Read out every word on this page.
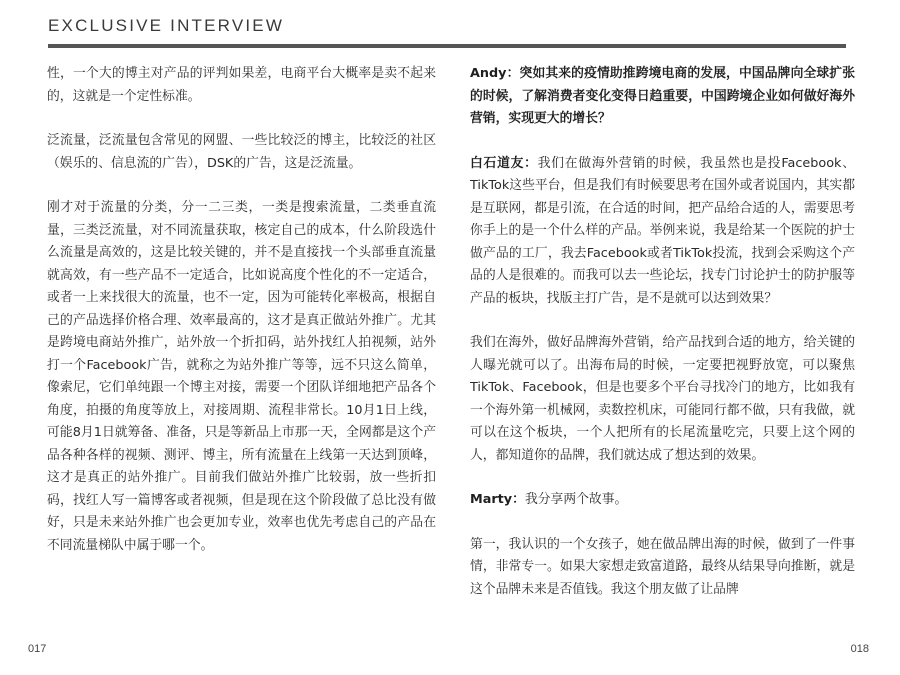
EXCLUSIVE INTERVIEW

性，一个大的博主对产品的评判如果差，电商平台大概率是卖不起来的，这就是一个定性标准。

泛流量，泛流量包含常见的网盟、一些比较泛的博主，比较泛的社区（娱乐的、信息流的广告），DSK的广告，这是泛流量。

刚才对于流量的分类，分一二三类，一类是搜索流量，二类垂直流量，三类泛流量，对不同流量获取，核定自己的成本，什么阶段选什么流量是高效的，这是比较关键的，并不是直接找一个头部垂直流量就高效，有一些产品不一定适合，比如说高度个性化的不一定适合，或者一上来找很大的流量，也不一定，因为可能转化率极高，根据自己的产品选择价格合理、效率最高的，这才是真正做站外推广。尤其是跨境电商站外推广，站外放一个折扣码，站外找红人拍视频，站外打一个Facebook广告，就称之为站外推广等等，远不只这么简单，像索尼，它们单纯跟一个博主对接，需要一个团队详细地把产品各个角度，拍摄的角度等放上，对接周期、流程非常长。10月1日上线，可能8月1日就筹备、准备，只是等新品上市那一天，全网都是这个产品各种各样的视频、测评、博主，所有流量在上线第一天达到顶峰，这才是真正的站外推广。目前我们做站外推广比较弱，放一些折扣码，找红人写一篇博客或者视频，但是现在这个阶段做了总比没有做好，只是未来站外推广也会更加专业，效率也优先考虑自己的产品在不同流量梯队中属于哪一个。

Andy：突如其来的疫情助推跨境电商的发展，中国品牌向全球扩张的时候，了解消费者变化变得日趋重要，中国跨境企业如何做好海外营销，实现更大的增长？

白石道友：我们在做海外营销的时候，我虽然也是投Facebook、TikTok这些平台，但是我们有时候要思考在国外或者说国内，其实都是互联网，都是引流，在合适的时间，把产品给合适的人，需要思考你手上的是一个什么样的产品。举例来说，我是给某一个医院的护士做产品的工厂，我去Facebook或者TikTok投流，找到会采购这个产品的人是很难的。而我可以去一些论坛，找专门讨论护士的防护服等产品的板块，找版主打广告，是不是就可以达到效果？

我们在海外，做好品牌海外营销，给产品找到合适的地方，给关键的人曝光就可以了。出海布局的时候，一定要把视野放宽，可以聚焦TikTok、Facebook，但是也要多个平台寻找冷门的地方，比如我有一个海外第一机械网，卖数控机床，可能同行都不做，只有我做，就可以在这个板块，一个人把所有的长尾流量吃完，只要上这个网的人，都知道你的品牌，我们就达成了想达到的效果。

Marty：我分享两个故事。

第一，我认识的一个女孩子，她在做品牌出海的时候，做到了一件事情，非常专一。如果大家想走致富道路，最终从结果导向推断，就是这个品牌未来是否值钱。我这个朋友做了让品牌

017	018
